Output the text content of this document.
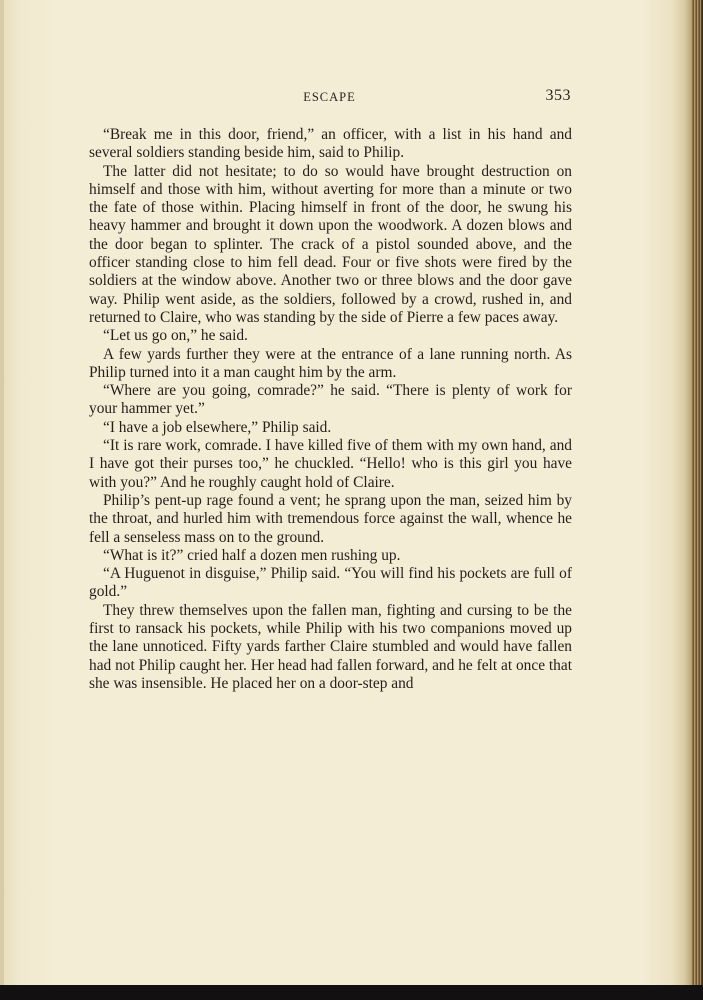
ESCAPE	353

“Break me in this door, friend,” an officer, with a list in his hand and several soldiers standing beside him, said to Philip.

The latter did not hesitate; to do so would have brought destruction on himself and those with him, without averting for more than a minute or two the fate of those within. Placing himself in front of the door, he swung his heavy hammer and brought it down upon the woodwork. A dozen blows and the door began to splinter. The crack of a pistol sounded above, and the officer standing close to him fell dead. Four or five shots were fired by the soldiers at the window above. Another two or three blows and the door gave way. Philip went aside, as the soldiers, followed by a crowd, rushed in, and returned to Claire, who was standing by the side of Pierre a few paces away.

“Let us go on,” he said.

A few yards further they were at the entrance of a lane running north. As Philip turned into it a man caught him by the arm.

“Where are you going, comrade?” he said. “There is plenty of work for your hammer yet.”

“I have a job elsewhere,” Philip said.

“It is rare work, comrade. I have killed five of them with my own hand, and I have got their purses too,” he chuckled. “Hello! who is this girl you have with you?” And he roughly caught hold of Claire.

Philip’s pent-up rage found a vent; he sprang upon the man, seized him by the throat, and hurled him with tremendous force against the wall, whence he fell a senseless mass on to the ground.

“What is it?” cried half a dozen men rushing up.

“A Huguenot in disguise,” Philip said. “You will find his pockets are full of gold.”

They threw themselves upon the fallen man, fighting and cursing to be the first to ransack his pockets, while Philip with his two companions moved up the lane unnoticed. Fifty yards farther Claire stumbled and would have fallen had not Philip caught her. Her head had fallen forward, and he felt at once that she was insensible. He placed her on a door-step and
